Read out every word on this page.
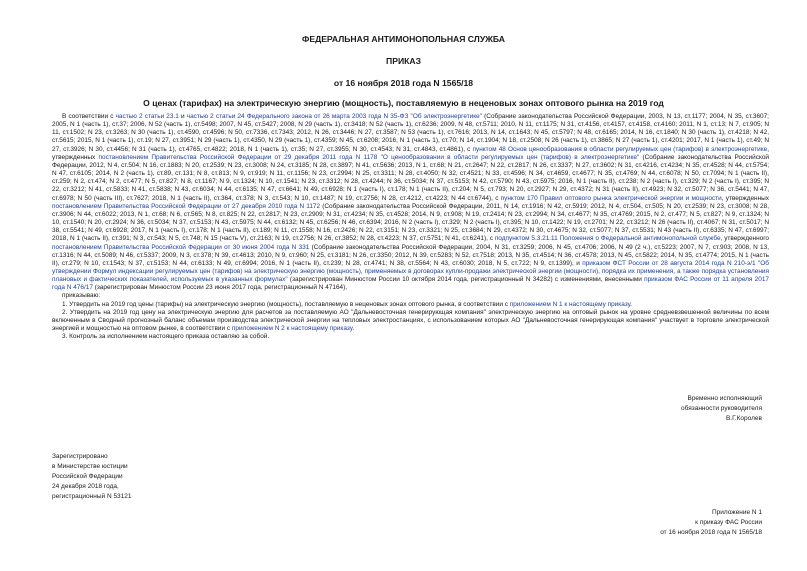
ФЕДЕРАЛЬНАЯ АНТИМОНОПОЛЬНАЯ СЛУЖБА

ПРИКАЗ

от 16 ноября 2018 года N 1565/18

О ценах (тарифах) на электрическую энергию (мощность), поставляемую в неценовых зонах оптового рынка на 2019 год

В соответствии с частью 2 статьи 23.1 и частью 2 статьи 24 Федерального закона от 26 марта 2003 года N 35-ФЗ "Об электроэнергетике" (Собрание законодательства Российской Федерации, 2003, N 13, ст.1177; 2004, N 35, ст.3607; 2005, N 1 (часть 1), ст.37; 2006, N 52 (часть 1), ст.5498; 2007, N 45, ст.5427; 2008, N 29 (часть 1), ст.3418; N 52 (часть 1), ст.6236; 2009, N 48, ст.5711; 2010, N 11, ст.1175; N 31, ст.4156, ст.4157, ст.4158, ст.4160; 2011, N 1, ст.13; N 7, ст.905; N 11, ст.1502; N 23, ст.3263; N 30 (часть 1), ст.4590, ст.4596; N 50, ст.7336, ст.7343; 2012, N 26, ст.3446; N 27, ст.3587; N 53 (часть 1), ст.7616; 2013, N 14, ст.1643; N 45, ст.5797; N 48, ст.6165; 2014, N 16, ст.1840; N 30 (часть 1), ст.4218; N 42, ст.5615; 2015, N 1 (часть 1), ст.19; N 27, ст.3951; N 29 (часть 1), ст.4350, N 29 (часть 1), ст.4359; N 45, ст.6208; 2016, N 1 (часть 1), ст.70; N 14, ст.1904; N 18, ст.2508; N 26 (часть 1), ст.3865; N 27 (часть 1), ст.4201; 2017, N 1 (часть 1), ст.49; N 27, ст.3926; N 30, ст.4456; N 31 (часть 1), ст.4765, ст.4822; 2018, N 1 (часть 1), ст.35; N 27, ст.3955; N 30, ст.4543; N 31, ст.4843, ст.4861), с пунктом 48 Основ ценообразования в области регулируемых цен (тарифов) в электроэнергетике, утвержденных постановлением Правительства Российской Федерации от 29 декабря 2011 года N 1178 "О ценообразовании в области регулируемых цен (тарифов) в электроэнергетике" (Собрание законодательства Российской Федерации, 2012, N 4, ст.504; N 16, ст.1883; N 20, ст.2539; N 23, ст.3008; N 24, ст.3185; N 28, ст.3897; N 41, ст.5636; 2013, N 1, ст.68; N 21, ст.2647; N 22, ст.2817; N 26, ст.3337; N 27, ст.3602; N 31, ст.4216, ст.4234; N 35, ст.4528; N 44, ст.5754; N 47, ст.6105; 2014, N 2 (часть 1), ст.89, ст.131; N 8, ст.813; N 9, ст.919; N 11, ст.1156; N 23, ст.2994; N 25, ст.3311; N 28, ст.4050; N 32, ст.4521; N 33, ст.4596; N 34, ст.4659, ст.4677; N 35, ст.4769; N 44, ст.6078; N 50, ст.7094; N 1 (часть II), ст.259; N 2, ст.474; N 2, ст.477; N 5, ст.827; N 8, ст.1167; N 9, ст.1324; N 10, ст.1541; N 23, ст.3312; N 28, ст.4244; N 36, ст.5034; N 37, ст.5153; N 42, ст.5790; N 43, ст.5975; 2016, N 1 (часть II), ст.238; N 2 (часть I), ст.329; N 2 (часть I), ст.395; N 22, ст.3212; N 41, ст.5833; N 41, ст.5838; N 43, ст.6034; N 44, ст.6135; N 47, ст.6641; N 49, ст.6928; N 1 (часть I), ст.178; N 1 (часть II), ст.204; N 5, ст.793; N 20, ст.2927; N 29, ст.4372; N 31 (часть II), ст.4923; N 32, ст.5077; N 36, ст.5441; N 47, ст.6978; N 50 (часть III), ст.7627; 2018, N 1 (часть II), ст.364, ст.378; N 3, ст.543; N 10, ст.1487; N 19, ст.2756; N 28, ст.4212, ст.4223; N 44 ст.6744), с пунктом 170 Правил оптового рынка электрической энергии и мощности, утвержденных постановлением Правительства Российской Федерации от 27 декабря 2010 года N 1172 (Собрание законодательства Российской Федерации, 2011, N 14, ст.1916; N 42, ст.5919; 2012, N 4, ст.504, ст.505; N 20, ст.2539; N 23, ст.3008; N 28, ст.3906; N 44, ст.6022; 2013, N 1, ст.68; N 6, ст.565; N 8, ст.825; N 22, ст.2817; N 23, ст.2909; N 31, ст.4234; N 35, ст.4528; 2014, N 9, ст.908; N 19, ст.2414; N 23, ст.2994; N 34, ст.4677; N 35, ст.4769; 2015, N 2, ст.477; N 5, ст.827; N 9, ст.1324; N 10, ст.1540; N 20, ст.2924; N 36, ст.5034; N 37, ст.5153; N 43, ст.5975; N 44, ст.6132; N 45, ст.6256; N 46, ст.6394; 2016, N 2 (часть I), ст.329; N 2 (часть I), ст.395; N 10, ст.1422; N 19, ст.2701; N 22, ст.3212; N 26 (часть II), ст.4067; N 31, ст.5017; N 38, ст.5541; N 49, ст.6928; 2017, N 1 (часть I), ст.178; N 1 (часть II), ст.189; N 11, ст.1558; N 16, ст.2426; N 22, ст.3151; N 23, ст.3321; N 25, ст.3684; N 29, ст.4372; N 30, ст.4675; N 32, ст.5077; N 37, ст.5531; N 43 (часть II), ст.6335; N 47, ст.6997; 2018, N 1 (часть II), ст.391; N 3, ст.543; N 5, ст.748; N 15 (часть V), ст.2163; N 19, ст.2756; N 26, ст.3852; N 28, ст.4223; N 37, ст.5751; N 41, ст.6241), с подпунктом 5.3.21.11 Положения о Федеральной антимонопольной службе, утвержденного постановлением Правительства Российской Федерации от 30 июня 2004 года N 331 (Собрание законодательства Российской Федерации, 2004, N 31, ст.3259; 2006, N 45, ст.4706; 2006, N 49 (2 ч.), ст.5223; 2007, N 7, ст.903; 2008, N 13, ст.1316; N 44, ст.5089; N 46, ст.5337; 2009, N 3, ст.378; N 39, ст.4613; 2010, N 9, ст.960; N 25, ст.3181; N 26, ст.3350; 2012, N 39, ст.5283; N 52, ст.7518; 2013, N 35, ст.4514; N 36, ст.4578; 2013, N 45, ст.5822; 2014, N 35, ст.4774; 2015, N 1 (часть II), ст.279; N 10, ст.1543; N 37, ст.5153; N 44, ст.6133; N 49, ст.6994; 2016, N 1 (часть II), ст.239; N 28, ст.4741; N 38, ст.5564; N 43, ст.6030; 2018, N 5, ст.722; N 9, ст.1399), и приказом ФСТ России от 28 августа 2014 года N 210-э/1 "Об утверждении Формул индексации регулируемых цен (тарифов) на электрическую энергию (мощность), применяемых в договорах купли-продажи электрической энергии (мощности), порядка их применения, а также порядка установления плановых и фактических показателей, используемых в указанных формулах" (зарегистрирован Минюстом России 10 октября 2014 года, регистрационный N 34282) с изменениями, внесенными приказом ФАС России от 11 апреля 2017 года N 476/17 (зарегистрирован Минюстом России 23 июня 2017 года, регистрационный N 47164),

приказываю:

1. Утвердить на 2019 год цены (тарифы) на электрическую энергию (мощность), поставляемую в неценовых зонах оптового рынка, в соответствии с приложением N 1 к настоящему приказу.

2. Утвердить на 2019 год цену на электрическую энергию для расчетов за поставляемую АО "Дальневосточная генерирующая компания" электрическую энергию на оптовый рынок на уровне средневзвешенной величины по всем включенным в Сводный прогнозный баланс объемам производства электрической энергии на тепловых электростанциях, с использованием которых АО "Дальневосточная генерирующая компания" участвует в торговле электрической энергией и мощностью на оптовом рынке, в соответствии с приложением N 2 к настоящему приказу.

3. Контроль за исполнением настоящего приказа оставляю за собой.

Временно исполняющий
обязанности руководителя
В.Г.Королев
Зарегистрировано
в Министерстве юстиции
Российской Федерации
24 декабря 2018 года,
регистрационный N 53121
Приложение N 1
к приказу ФАС России
от 16 ноября 2018 года N 1565/18
